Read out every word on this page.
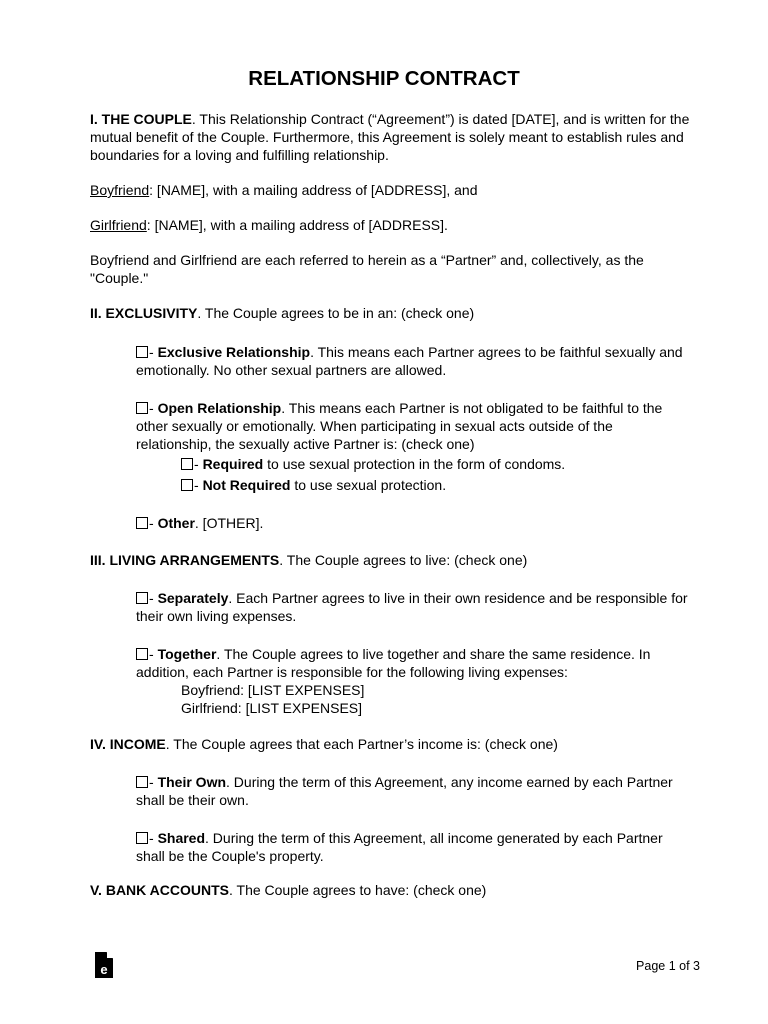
RELATIONSHIP CONTRACT

I. THE COUPLE. This Relationship Contract (“Agreement”) is dated [DATE], and is written for the mutual benefit of the Couple. Furthermore, this Agreement is solely meant to establish rules and boundaries for a loving and fulfilling relationship.

Boyfriend: [NAME], with a mailing address of [ADDRESS], and

Girlfriend: [NAME], with a mailing address of [ADDRESS].

Boyfriend and Girlfriend are each referred to herein as a “Partner” and, collectively, as the "Couple."

II. EXCLUSIVITY. The Couple agrees to be in an: (check one)

- Exclusive Relationship. This means each Partner agrees to be faithful sexually and emotionally. No other sexual partners are allowed.

- Open Relationship. This means each Partner is not obligated to be faithful to the other sexually or emotionally. When participating in sexual acts outside of the relationship, the sexually active Partner is: (check one)

- Required to use sexual protection in the form of condoms.

- Not Required to use sexual protection.

- Other. [OTHER].

III. LIVING ARRANGEMENTS. The Couple agrees to live: (check one)

- Separately. Each Partner agrees to live in their own residence and be responsible for their own living expenses.

- Together. The Couple agrees to live together and share the same residence. In addition, each Partner is responsible for the following living expenses:

Boyfriend: [LIST EXPENSES]

Girlfriend: [LIST EXPENSES]

IV. INCOME. The Couple agrees that each Partner’s income is: (check one)

- Their Own. During the term of this Agreement, any income earned by each Partner shall be their own.

- Shared. During the term of this Agreement, all income generated by each Partner shall be the Couple's property.

V. BANK ACCOUNTS. The Couple agrees to have: (check one)

e	Page 1 of 3
